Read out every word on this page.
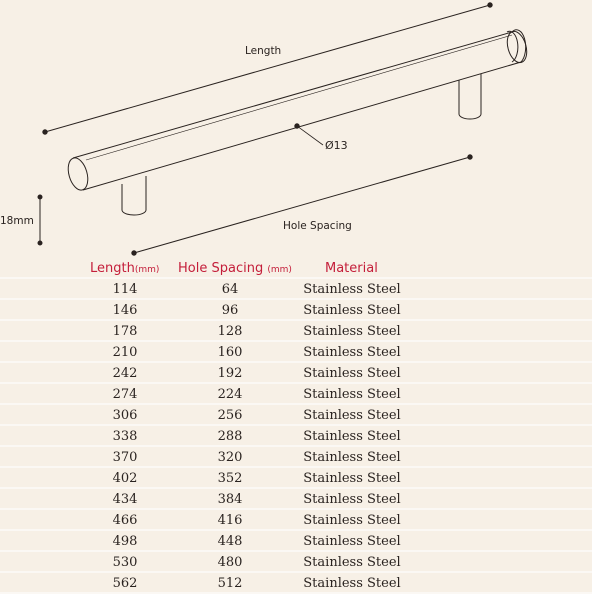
Length
Ø13
18mm	Hole Spacing
Length(mm) Hole Spacing (mm)	Material
114	64	Stainless Steel
146	96	Stainless Steel
178	128	Stainless Steel
210	160	Stainless Steel
242	192	Stainless Steel
274	224	Stainless Steel
306	256	Stainless Steel
338	288	Stainless Steel
370	320	Stainless Steel
402	352	Stainless Steel
434	384	Stainless Steel
466	416	Stainless Steel
498	448	Stainless Steel
530	480	Stainless Steel
562	512	Stainless Steel
